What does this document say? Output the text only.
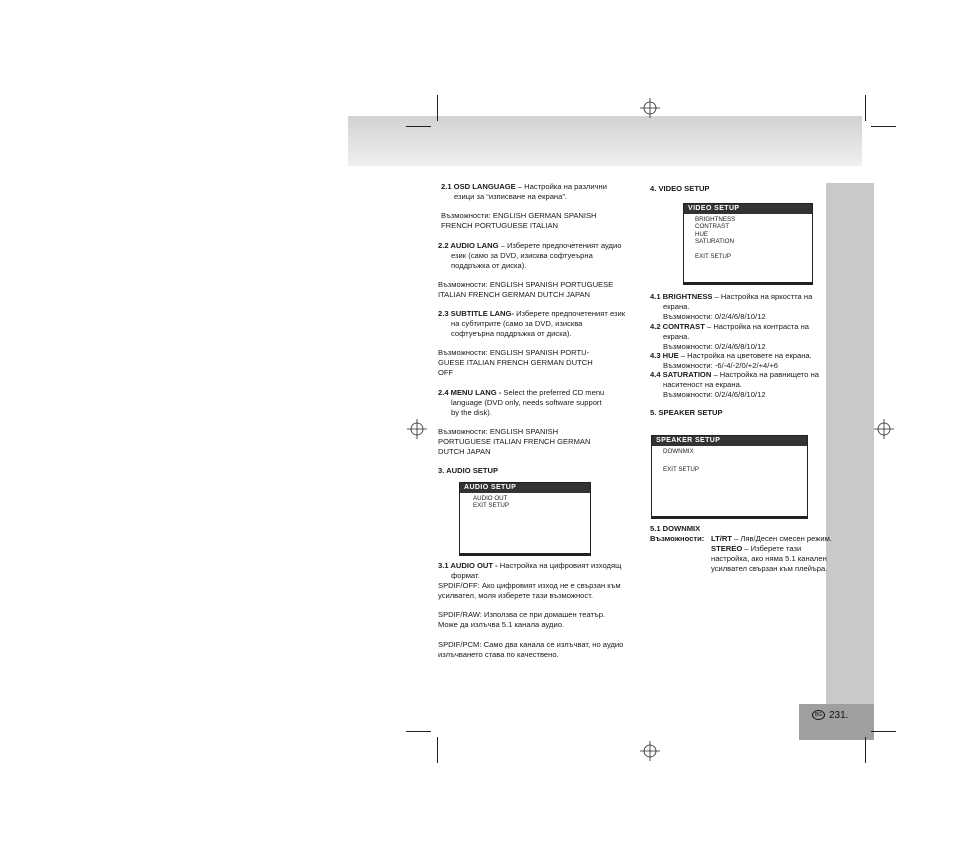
BG 231.
2.1 OSD LANGUAGE – Настройка на различни
езици за “изписване на екрана”.
Възможности: ENGLISH GERMAN SPANISH
FRENCH PORTUGUESE ITALIAN
2.2 AUDIO LANG – Изберете предпочетеният аудио
език (само за DVD, изисква софтуеърна
поддръжка от диска).
Възможности: ENGLISH SPANISH PORTUGUESE
ITALIAN FRENCH GERMAN DUTCH JAPAN
2.3 SUBTITLE LANG- Изберете предпочетеният език
на субтитрите (само за DVD, изисква
софтуеърна поддръжка от диска).
Възможности: ENGLISH SPANISH PORTU-
GUESE ITALIAN FRENCH GERMAN DUTCH
OFF
2.4 MENU LANG - Select the preferred CD menu
language (DVD only, needs software support
by the disk).
Възможности: ENGLISH SPANISH
PORTUGUESE ITALIAN FRENCH GERMAN
DUTCH JAPAN
3. AUDIO SETUP
AUDIO SETUP
AUDIO OUT
EXIT SETUP
3.1 AUDIO OUT - Настройка на цифровият изходящ
формат.
SPDIF/OFF: Ако цифровият изход не е свързан към
усилвател, моля изберете тази възможност.
SPDIF/RAW: Използва се при домашен театър.
Може да излъчва 5.1 канала аудио.
SPDIF/PCM: Само два канала се излъчват, но аудио
излъчването става по качествено.
4. VIDEO SETUP
VIDEO SETUP
BRIGHTNESS
CONTRAST
HUE
SATURATION
EXIT SETUP
4.1 BRIGHTNESS – Настройка на яркостта на
екрана.
Възможности: 0/2/4/6/8/10/12
4.2 CONTRAST – Настройка на контраста на
екрана.
Възможности: 0/2/4/6/8/10/12
4.3 HUE – Настройка на цветовете на екрана.
Възможности: -6/-4/-2/0/+2/+4/+6
4.4 SATURATION – Настройка на равнището на
наситеност на екрана.
Възможности: 0/2/4/6/8/10/12
5. SPEAKER SETUP
SPEAKER SETUP
DOWNMIX
EXIT SETUP
5.1 DOWNMIX
Възможности: LT/RT – Ляв/Десен смесен режим.
STEREO – Изберете тази
настройка, ако няма 5.1 канален
усилвател свързан към плейъра.
